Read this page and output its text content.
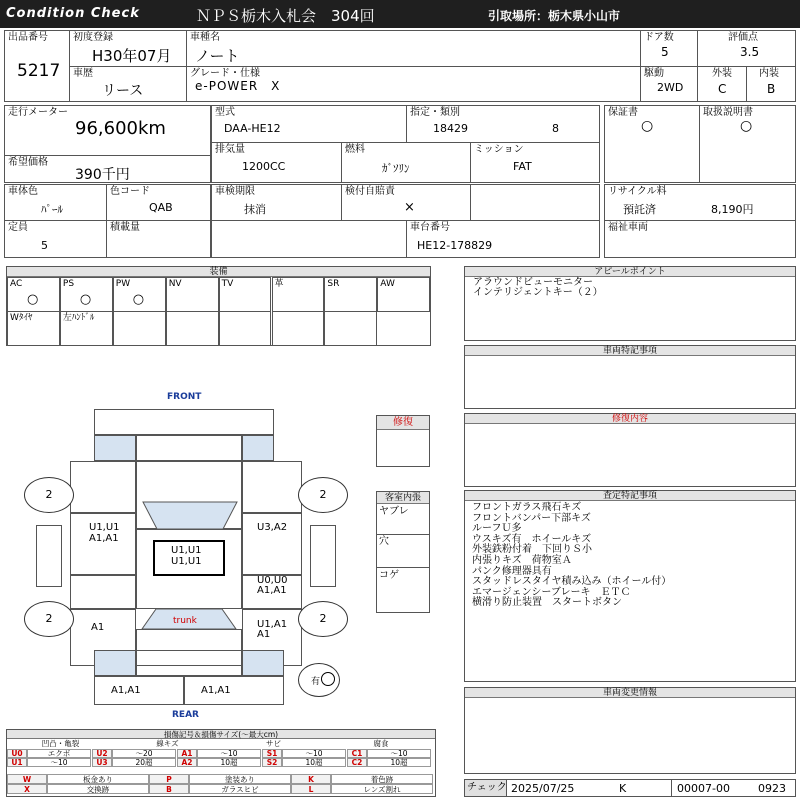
Condition Check	ＮＰＳ栃木入札会　304回	引取場所：栃木県小山市
出品番号
5217
初度登録
H30年07月
車種名
ノート
ドア数
5
評価点
3.5
車歴
リース
グレード・仕様
e-POWER　X
駆動
2WD
外装
C
内装
B
走行メーター
96,600km
希望価格
390千円
型式
DAA-HE12
指定・類別
18429	8
保証書
○
取扱説明書
○
排気量
1200CC
燃料
ｶﾞｿﾘﾝ
ミッション
FAT
車体色
ﾊﾟｰﾙ
色コード
QAB
車検期限
抹消
検付自賠責
×
リサイクル料
預託済	8,190円
定員
5
積載量	車台番号
HE12-178829
福祉車両
装備
AC
○
PS
○
PW
○
NV	TV	革	SR	AW
Wﾀｲﾔ	左ﾊﾝﾄﾞﾙ
アピールポイント
アラウンドビューモニター
インテリジェントキー（２）
車両特記事項
修復内容
査定特記事項
フロントガラス飛石キズ
フロントバンパー下部キズ
ルーフＵ多
ウスキズ有　ホイールキズ
外装鉄粉付着　下回りＳ小
内張りキズ　荷物室Ａ
パンク修理器具有
スタッドレスタイヤ積み込み（ホイール付）
エマージェンシーブレーキ　ＥＴＣ
横滑り防止装置　スタートボタン
車両変更情報
チェック 2025/07/25	K	00007-00	0923
FRONT
REAR
U1,U1
A1,A1
U3,A2
U0,U0
A1,A1
U1,U1
U1,U1
A1	U1,A1
A1
trunk
A1,A1	A1,A1
2	2
2	2
有
修復
客室内張
ヤブレ
穴
コゲ
損傷記号＆損傷サイズ(〜最大cm)
凹凸・亀裂	線キズ	サビ	腐食
U0	エクボ	U2	〜20	A1	〜10	S1	〜10	C1	〜10
U1	〜10	U3	20超	A2	10超	S2	10超	C2	10超
W	板金あり	P	塗装あり	K	着色跡
X	交換跡	B	ガラスヒビ	L	レンズ割れ
